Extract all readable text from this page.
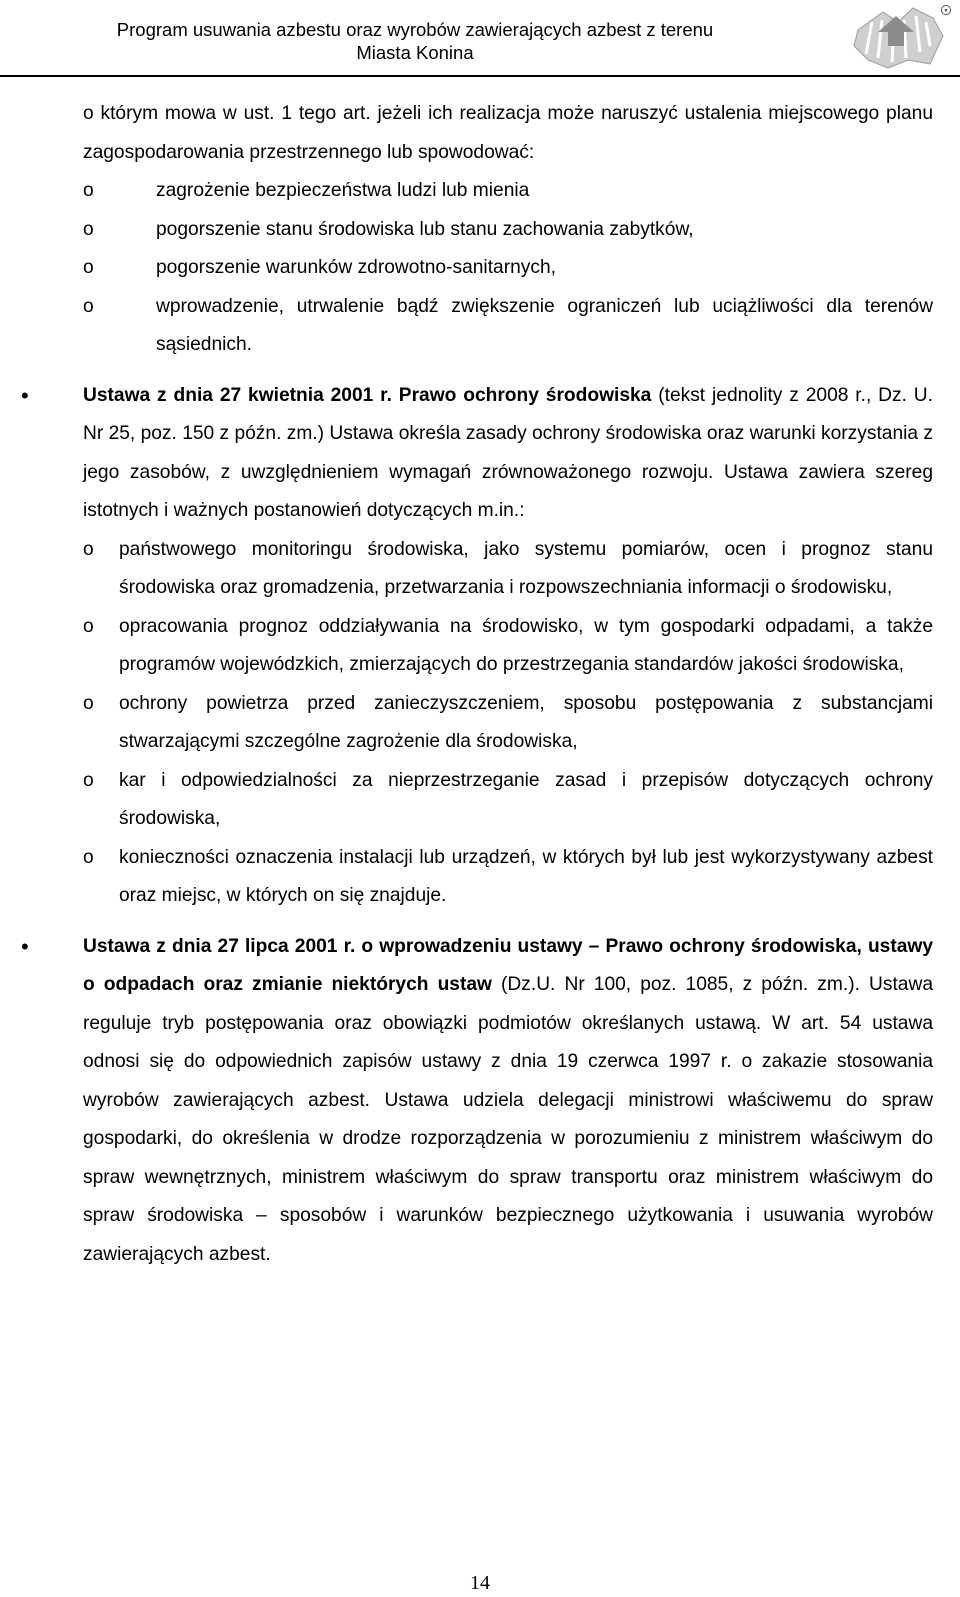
Program usuwania azbestu oraz wyrobów zawierających azbest z terenu
Miasta Konina

o którym mowa w ust. 1 tego art. jeżeli ich realizacja może naruszyć ustalenia miejscowego planu zagospodarowania przestrzennego lub spowodować:

o	zagrożenie bezpieczeństwa ludzi lub mienia
o	pogorszenie stanu środowiska lub stanu zachowania zabytków,
o	pogorszenie warunków zdrowotno-sanitarnych,
o	wprowadzenie, utrwalenie bądź zwiększenie ograniczeń lub uciążliwości dla terenów sąsiednich.
•	Ustawa z dnia 27 kwietnia 2001 r. Prawo ochrony środowiska (tekst jednolity z 2008 r., Dz. U. Nr 25, poz. 150 z późn. zm.) Ustawa określa zasady ochrony środowiska oraz warunki korzystania z jego zasobów, z uwzględnieniem wymagań zrównoważonego rozwoju. Ustawa zawiera szereg istotnych i ważnych postanowień dotyczących m.in.:

o państwowego monitoringu środowiska, jako systemu pomiarów, ocen i prognoz stanu środowiska oraz gromadzenia, przetwarzania i rozpowszechniania informacji o środowisku,
o opracowania prognoz oddziaływania na środowisko, w tym gospodarki odpadami, a także programów wojewódzkich, zmierzających do przestrzegania standardów jakości środowiska,
o ochrony powietrza przed zanieczyszczeniem, sposobu postępowania z substancjami stwarzającymi szczególne zagrożenie dla środowiska,
o kar i odpowiedzialności za nieprzestrzeganie zasad i przepisów dotyczących ochrony środowiska,
o konieczności oznaczenia instalacji lub urządzeń, w których był lub jest wykorzystywany azbest oraz miejsc, w których on się znajduje.
•	Ustawa z dnia 27 lipca 2001 r. o wprowadzeniu ustawy – Prawo ochrony środowiska, ustawy o odpadach oraz zmianie niektórych ustaw (Dz.U. Nr 100, poz. 1085, z późn. zm.). Ustawa reguluje tryb postępowania oraz obowiązki podmiotów określanych ustawą. W art. 54 ustawa odnosi się do odpowiednich zapisów ustawy z dnia 19 czerwca 1997 r. o zakazie stosowania wyrobów zawierających azbest. Ustawa udziela delegacji ministrowi właściwemu do spraw gospodarki, do określenia w drodze rozporządzenia w porozumieniu z ministrem właściwym do spraw wewnętrznych, ministrem właściwym do spraw transportu oraz ministrem właściwym do spraw środowiska – sposobów i warunków bezpiecznego użytkowania i usuwania wyrobów zawierających azbest.

14
